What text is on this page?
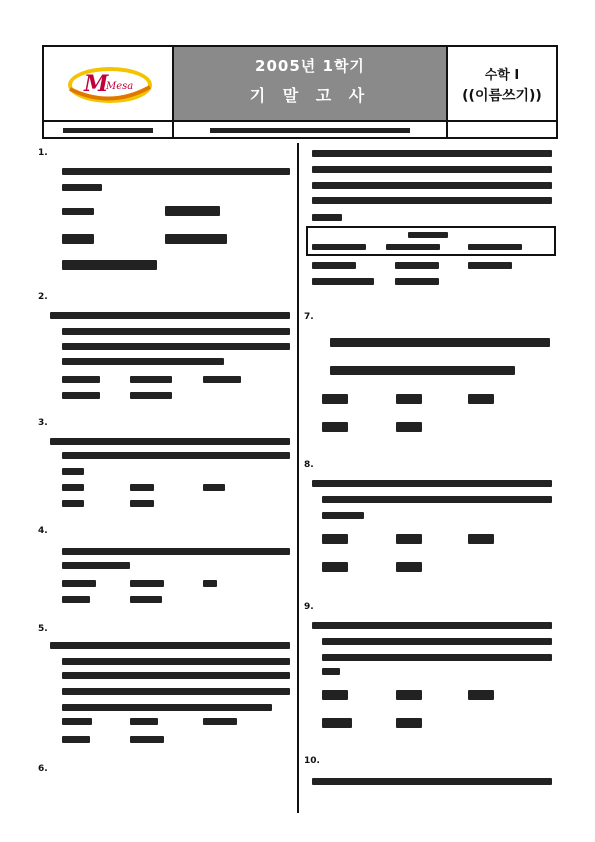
M
Mesa
2005년 1학기
기 말 고 사
수학 I
((이름쓰기))
1.
2.
3.
4.
5.
6.
7.
8.
9.
10.
